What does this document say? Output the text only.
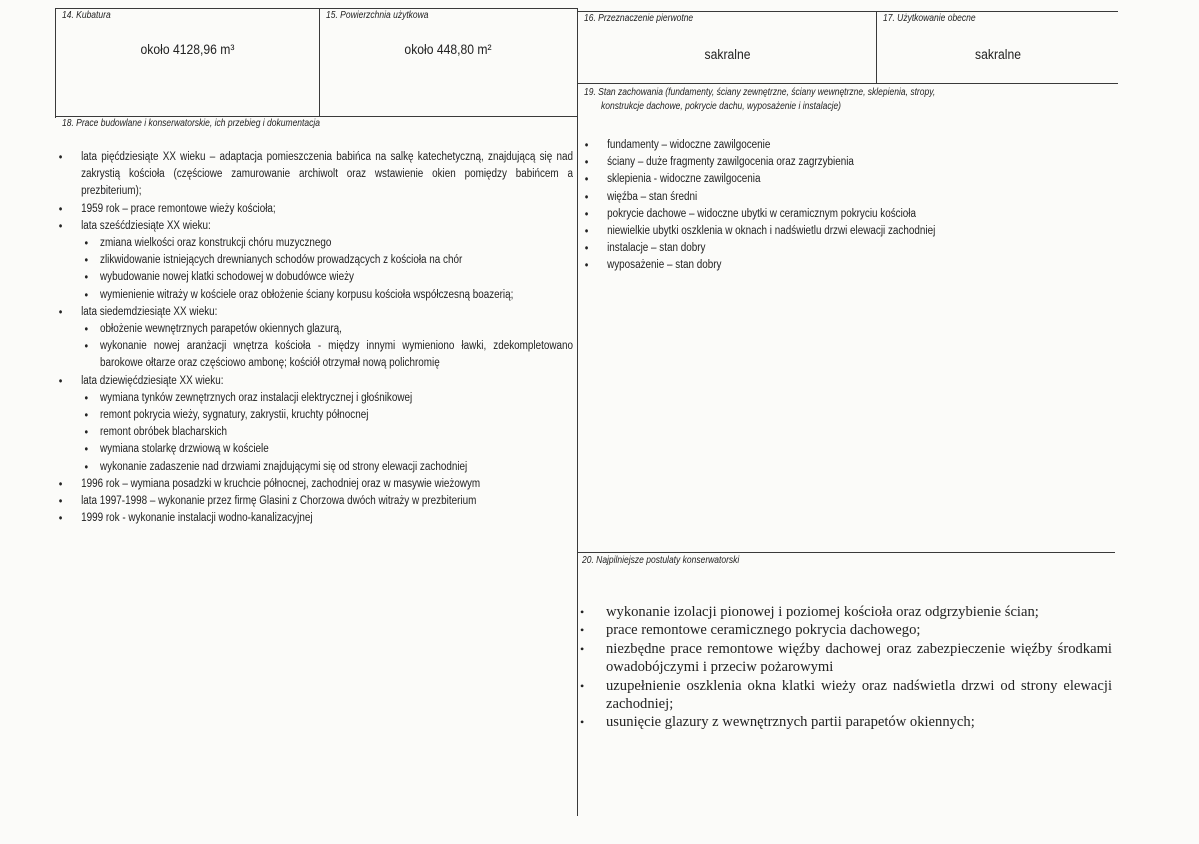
14. Kubatura
około 4128,96 m³
15. Powierzchnia użytkowa
około 448,80 m²
16. Przeznaczenie pierwotne
sakralne
17. Użytkowanie obecne
sakralne
18. Prace budowlane i konserwatorskie, ich przebieg i dokumentacja
• lata pięćdziesiąte XX wieku – adaptacja pomieszczenia babińca na salkę katechetyczną, znajdującą się nad zakrystią kościoła (częściowe zamurowanie archiwolt oraz wstawienie okien pomiędzy babińcem a prezbiterium);
• 1959 rok – prace remontowe wieży kościoła;
• lata sześćdziesiąte XX wieku:
• zmiana wielkości oraz konstrukcji chóru muzycznego
• zlikwidowanie istniejących drewnianych schodów prowadzących z kościoła na chór
• wybudowanie nowej klatki schodowej w dobudówce wieży
• wymienienie witraży w kościele oraz obłożenie ściany korpusu kościoła współczesną boazerią;
• lata siedemdziesiąte XX wieku:
• obłożenie wewnętrznych parapetów okiennych glazurą,
• wykonanie nowej aranżacji wnętrza kościoła - między innymi wymieniono ławki, zdekompletowano barokowe ołtarze oraz częściowo ambonę; kościół otrzymał nową polichromię
• lata dziewięćdziesiąte XX wieku:
• wymiana tynków zewnętrznych oraz instalacji elektrycznej i głośnikowej
• remont pokrycia wieży, sygnatury, zakrystii, kruchty północnej
• remont obróbek blacharskich
• wymiana stolarkę drzwiową w kościele
• wykonanie zadaszenie nad drzwiami znajdującymi się od strony elewacji zachodniej
• 1996 rok – wymiana posadzki w kruchcie północnej, zachodniej oraz w masywie wieżowym
• lata 1997-1998 – wykonanie przez firmę Glasini z Chorzowa dwóch witraży w prezbiterium
• 1999 rok - wykonanie instalacji wodno-kanalizacyjnej
19. Stan zachowania (fundamenty, ściany zewnętrzne, ściany wewnętrzne, sklepienia, stropy,
konstrukcje dachowe, pokrycie dachu, wyposażenie i instalacje)
• fundamenty – widoczne zawilgocenie
• ściany – duże fragmenty zawilgocenia oraz zagrzybienia
• sklepienia - widoczne zawilgocenia
• więźba – stan średni
• pokrycie dachowe – widoczne ubytki w ceramicznym pokryciu kościoła
• niewielkie ubytki oszklenia w oknach i nadświetlu drzwi elewacji zachodniej
• instalacje – stan dobry
• wyposażenie – stan dobry
20. Najpilniejsze postulaty konserwatorski
• wykonanie izolacji pionowej i poziomej kościoła oraz odgrzybienie ścian;
• prace remontowe ceramicznego pokrycia dachowego;
• niezbędne prace remontowe więźby dachowej oraz zabezpieczenie więźby środkami owadobójczymi i przeciw pożarowymi
• uzupełnienie oszklenia okna klatki wieży oraz nadświetla drzwi od strony elewacji zachodniej;
• usunięcie glazury z wewnętrznych partii parapetów okiennych;
